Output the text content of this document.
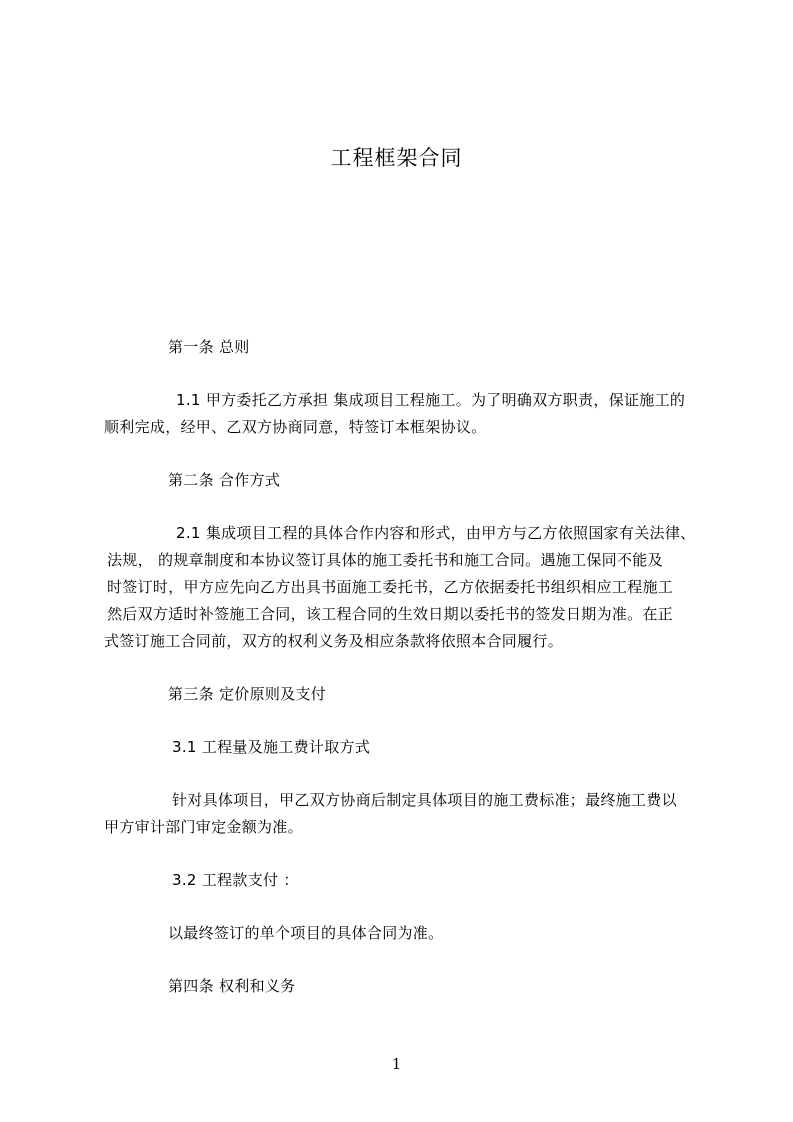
工程框架合同
第一条 总则
1.1 甲方委托乙方承担 集成项目工程施工。为了明确双方职责，保证施工的
顺利完成，经甲、乙双方协商同意，特签订本框架协议。
第二条 合作方式
2.1 集成项目工程的具体合作内容和形式，由甲方与乙方依照国家有关法律、
法规， 的规章制度和本协议签订具体的施工委托书和施工合同。遇施工保同不能及
时签订时，甲方应先向乙方出具书面施工委托书，乙方依据委托书组织相应工程施工
然后双方适时补签施工合同，该工程合同的生效日期以委托书的签发日期为准。在正
式签订施工合同前，双方的权利义务及相应条款将依照本合同履行。
第三条 定价原则及支付
3.1 工程量及施工费计取方式
针对具体项目，甲乙双方协商后制定具体项目的施工费标准；最终施工费以
甲方审计部门审定金额为准。
3.2 工程款支付 ：
以最终签订的单个项目的具体合同为准。
第四条 权利和义务
1
